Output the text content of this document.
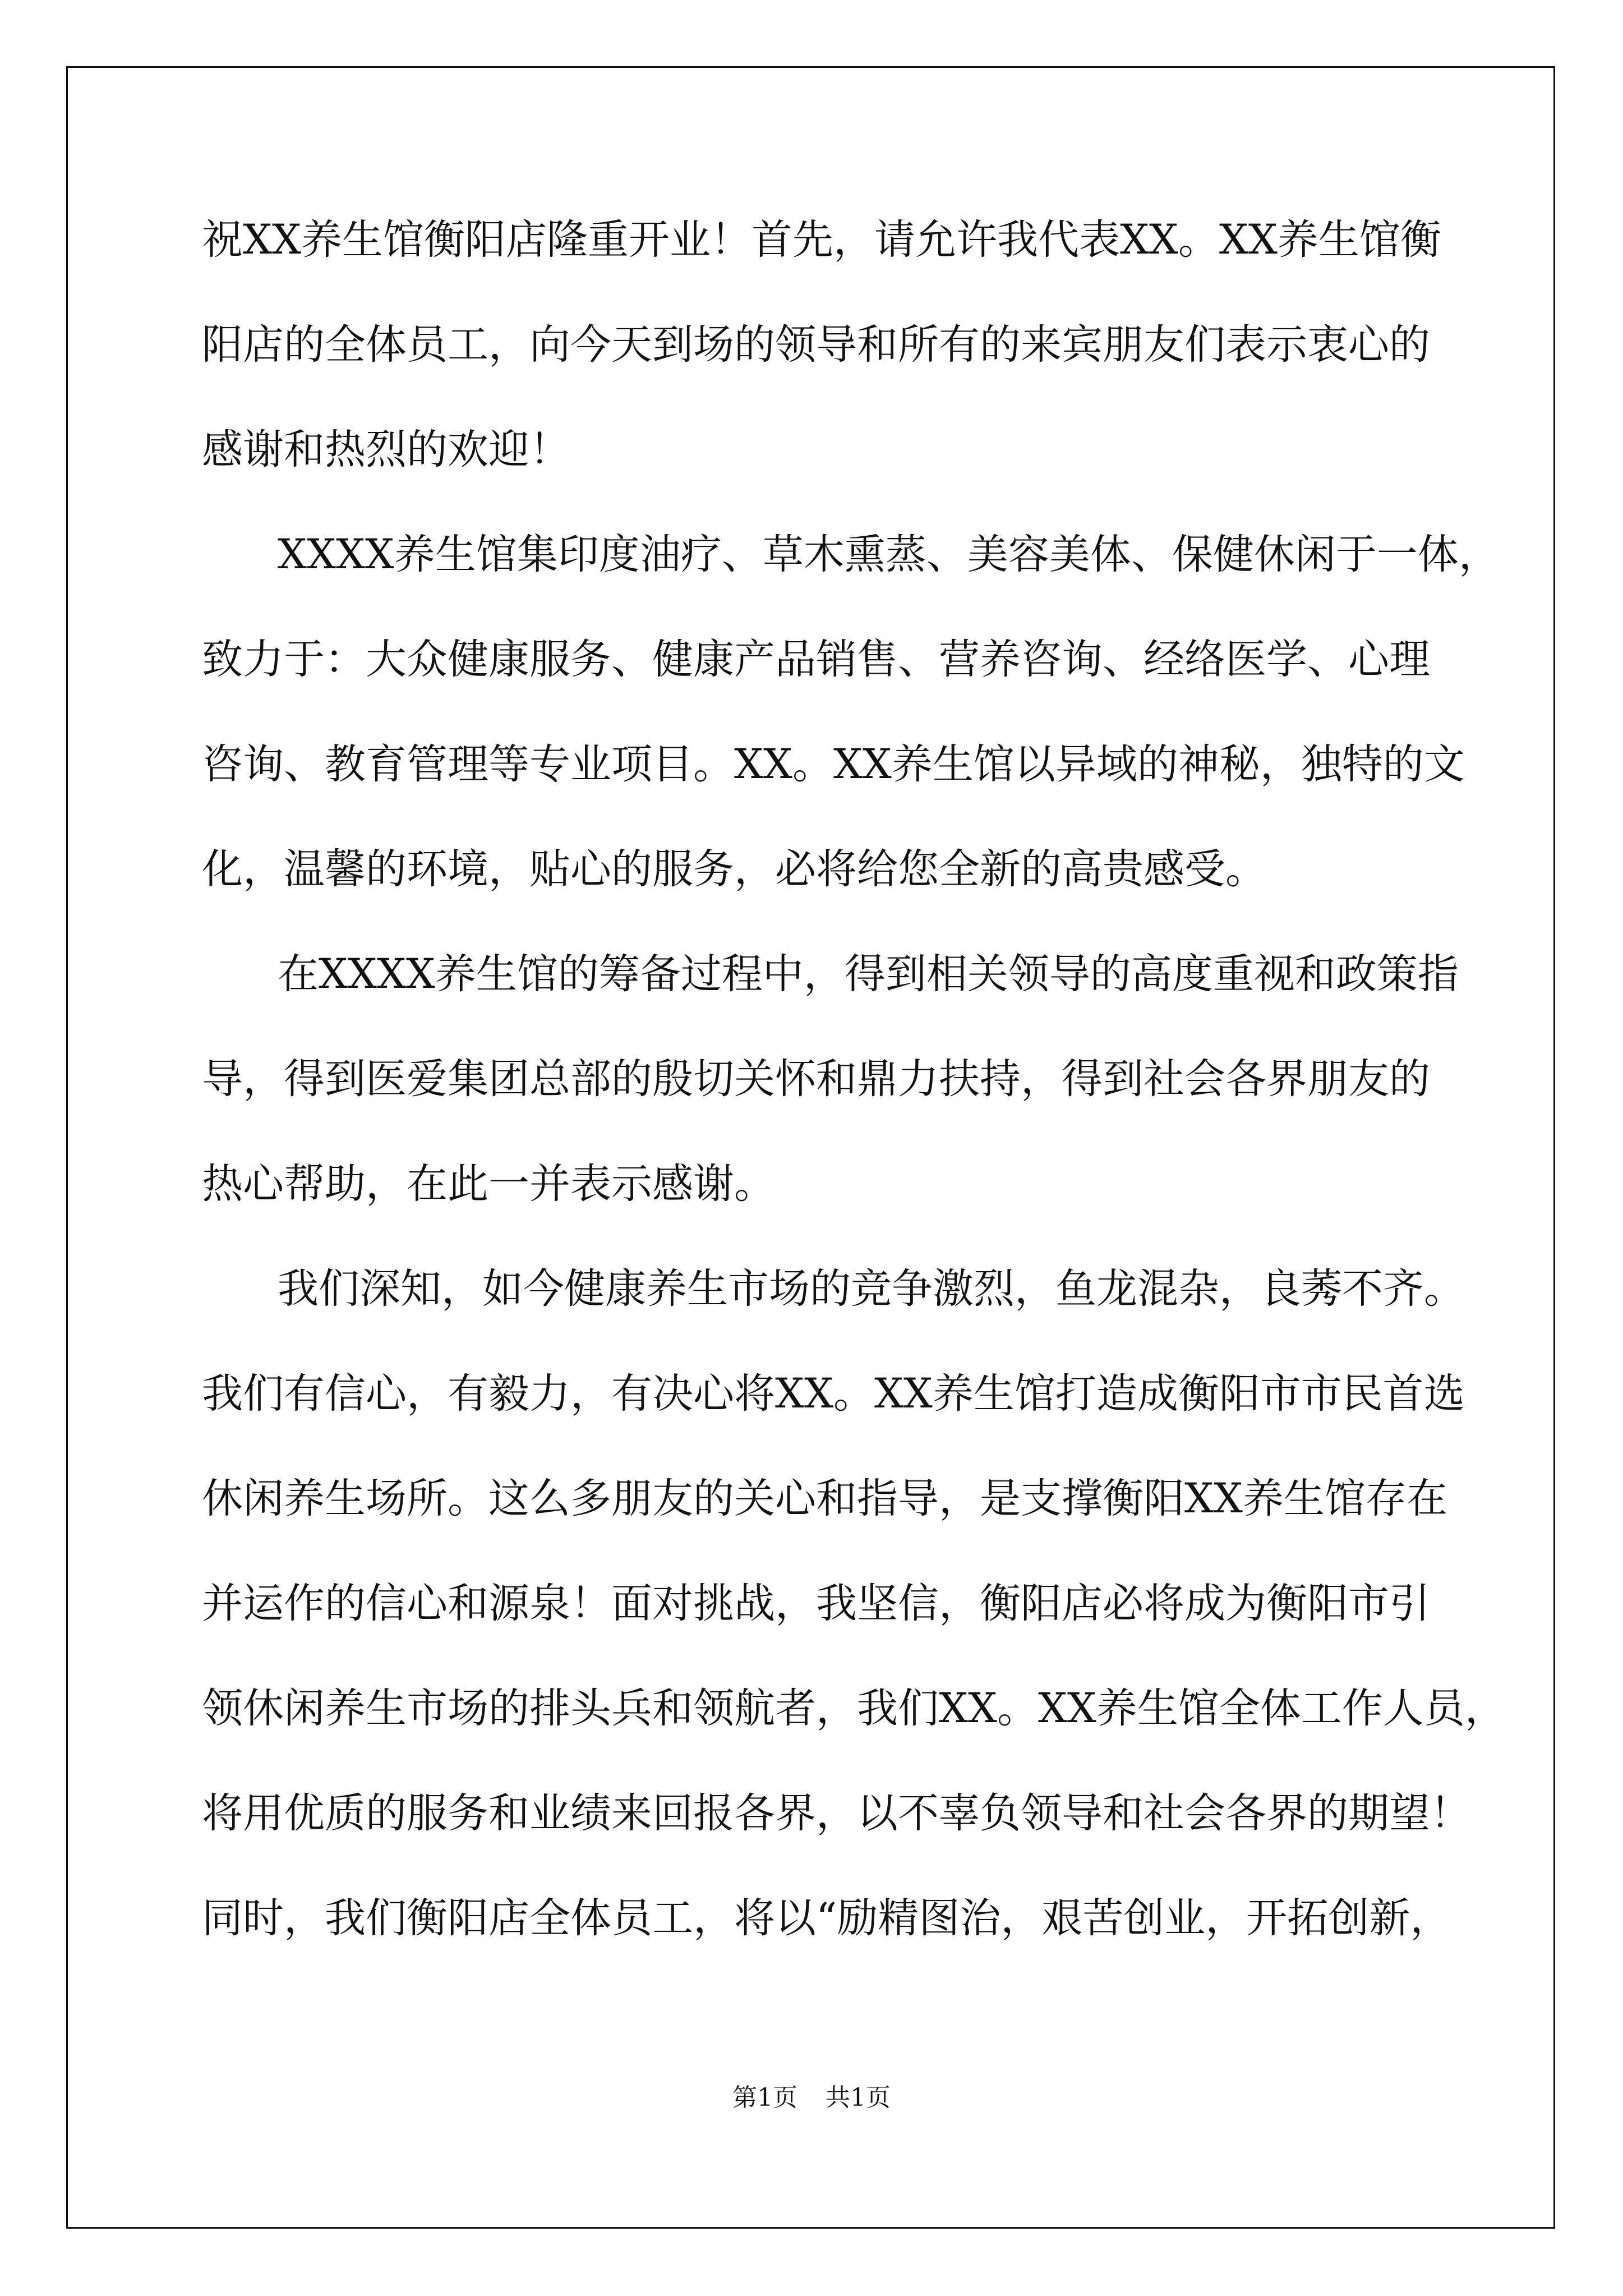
祝XX养生馆衡阳店隆重开业！首先，请允许我代表XX。XX养生馆衡

阳店的全体员工，向今天到场的领导和所有的来宾朋友们表示衷心的

感谢和热烈的欢迎！

XXXX养生馆集印度油疗、草木熏蒸、美容美体、保健休闲于一体，

致力于：大众健康服务、健康产品销售、营养咨询、经络医学、心理

咨询、教育管理等专业项目。XX。XX养生馆以异域的神秘，独特的文

化，温馨的环境，贴心的服务，必将给您全新的高贵感受。

在XXXX养生馆的筹备过程中，得到相关领导的高度重视和政策指

导，得到医爱集团总部的殷切关怀和鼎力扶持，得到社会各界朋友的

热心帮助，在此一并表示感谢。

我们深知，如今健康养生市场的竞争激烈，鱼龙混杂，良莠不齐。

我们有信心，有毅力，有决心将XX。XX养生馆打造成衡阳市市民首选

休闲养生场所。这么多朋友的关心和指导，是支撑衡阳XX养生馆存在

并运作的信心和源泉！面对挑战，我坚信，衡阳店必将成为衡阳市引

领休闲养生市场的排头兵和领航者，我们XX。XX养生馆全体工作人员，

将用优质的服务和业绩来回报各界，以不辜负领导和社会各界的期望！

同时，我们衡阳店全体员工，将以“励精图治，艰苦创业，开拓创新，

第1页 共1页
